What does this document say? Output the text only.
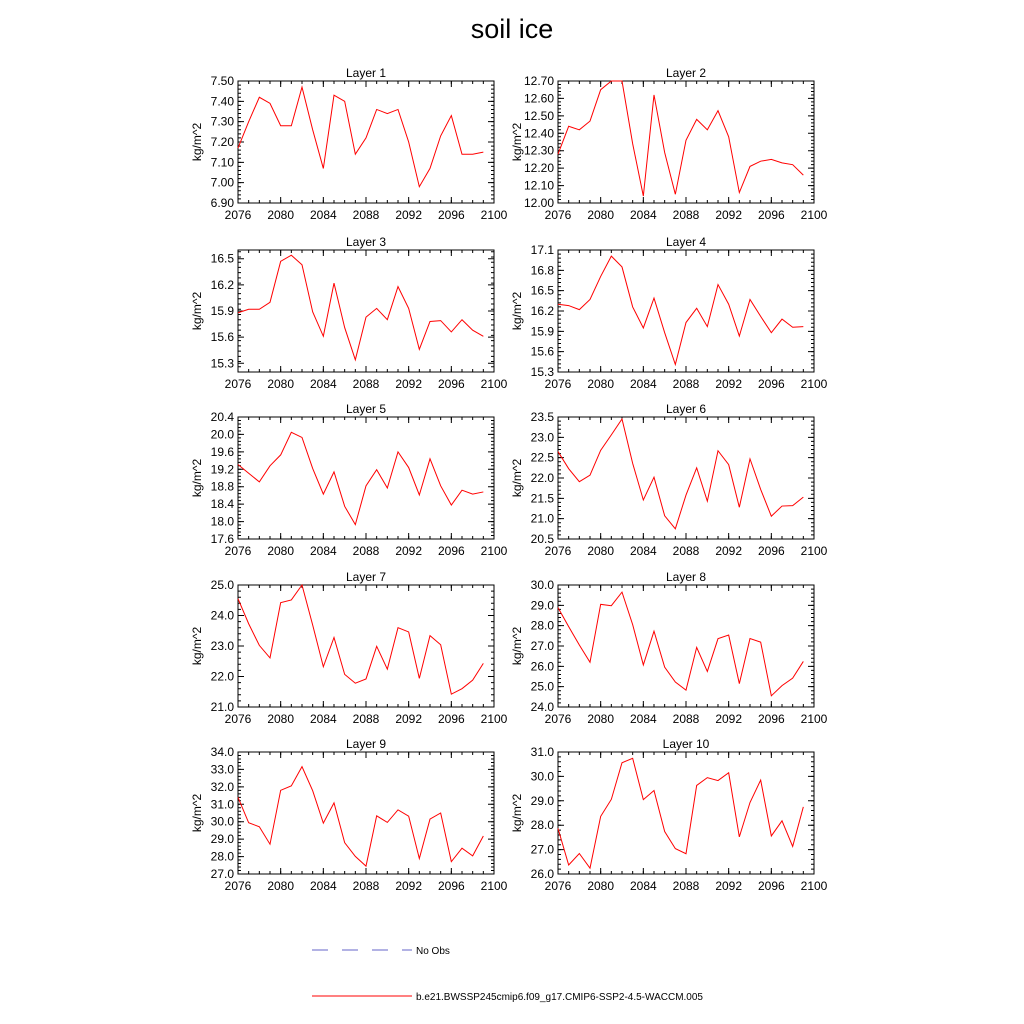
soil ice
2076 2080 2084 2088 2092 2096 2100
6.90
7.00
7.10
7.20
7.30
7.40
7.50
Layer 1
kg/m^2
2076 2080 2084 2088 2092 2096 2100
12.00
12.10
12.20
12.30
12.40
12.50
12.60
12.70
Layer 2
kg/m^2
2076 2080 2084 2088 2092 2096 2100
15.3
15.6
15.9
16.2
16.5
Layer 3
kg/m^2
2076 2080 2084 2088 2092 2096 2100
15.3
15.6
15.9
16.2
16.5
16.8
17.1
Layer 4
kg/m^2
2076 2080 2084 2088 2092 2096 2100
17.6
18.0
18.4
18.8
19.2
19.6
20.0
20.4
Layer 5
kg/m^2
2076 2080 2084 2088 2092 2096 2100
20.5
21.0
21.5
22.0
22.5
23.0
23.5
Layer 6
kg/m^2
2076 2080 2084 2088 2092 2096 2100
21.0
22.0
23.0
24.0
25.0
Layer 7
kg/m^2
2076 2080 2084 2088 2092 2096 2100
24.0
25.0
26.0
27.0
28.0
29.0
30.0
Layer 8
kg/m^2
2076 2080 2084 2088 2092 2096 2100
27.0
28.0
29.0
30.0
31.0
32.0
33.0
34.0
Layer 9
kg/m^2
2076 2080 2084 2088 2092 2096 2100
26.0
27.0
28.0
29.0
30.0
31.0
Layer 10
kg/m^2
No Obs
b.e21.BWSSP245cmip6.f09_g17.CMIP6-SSP2-4.5-WACCM.005
